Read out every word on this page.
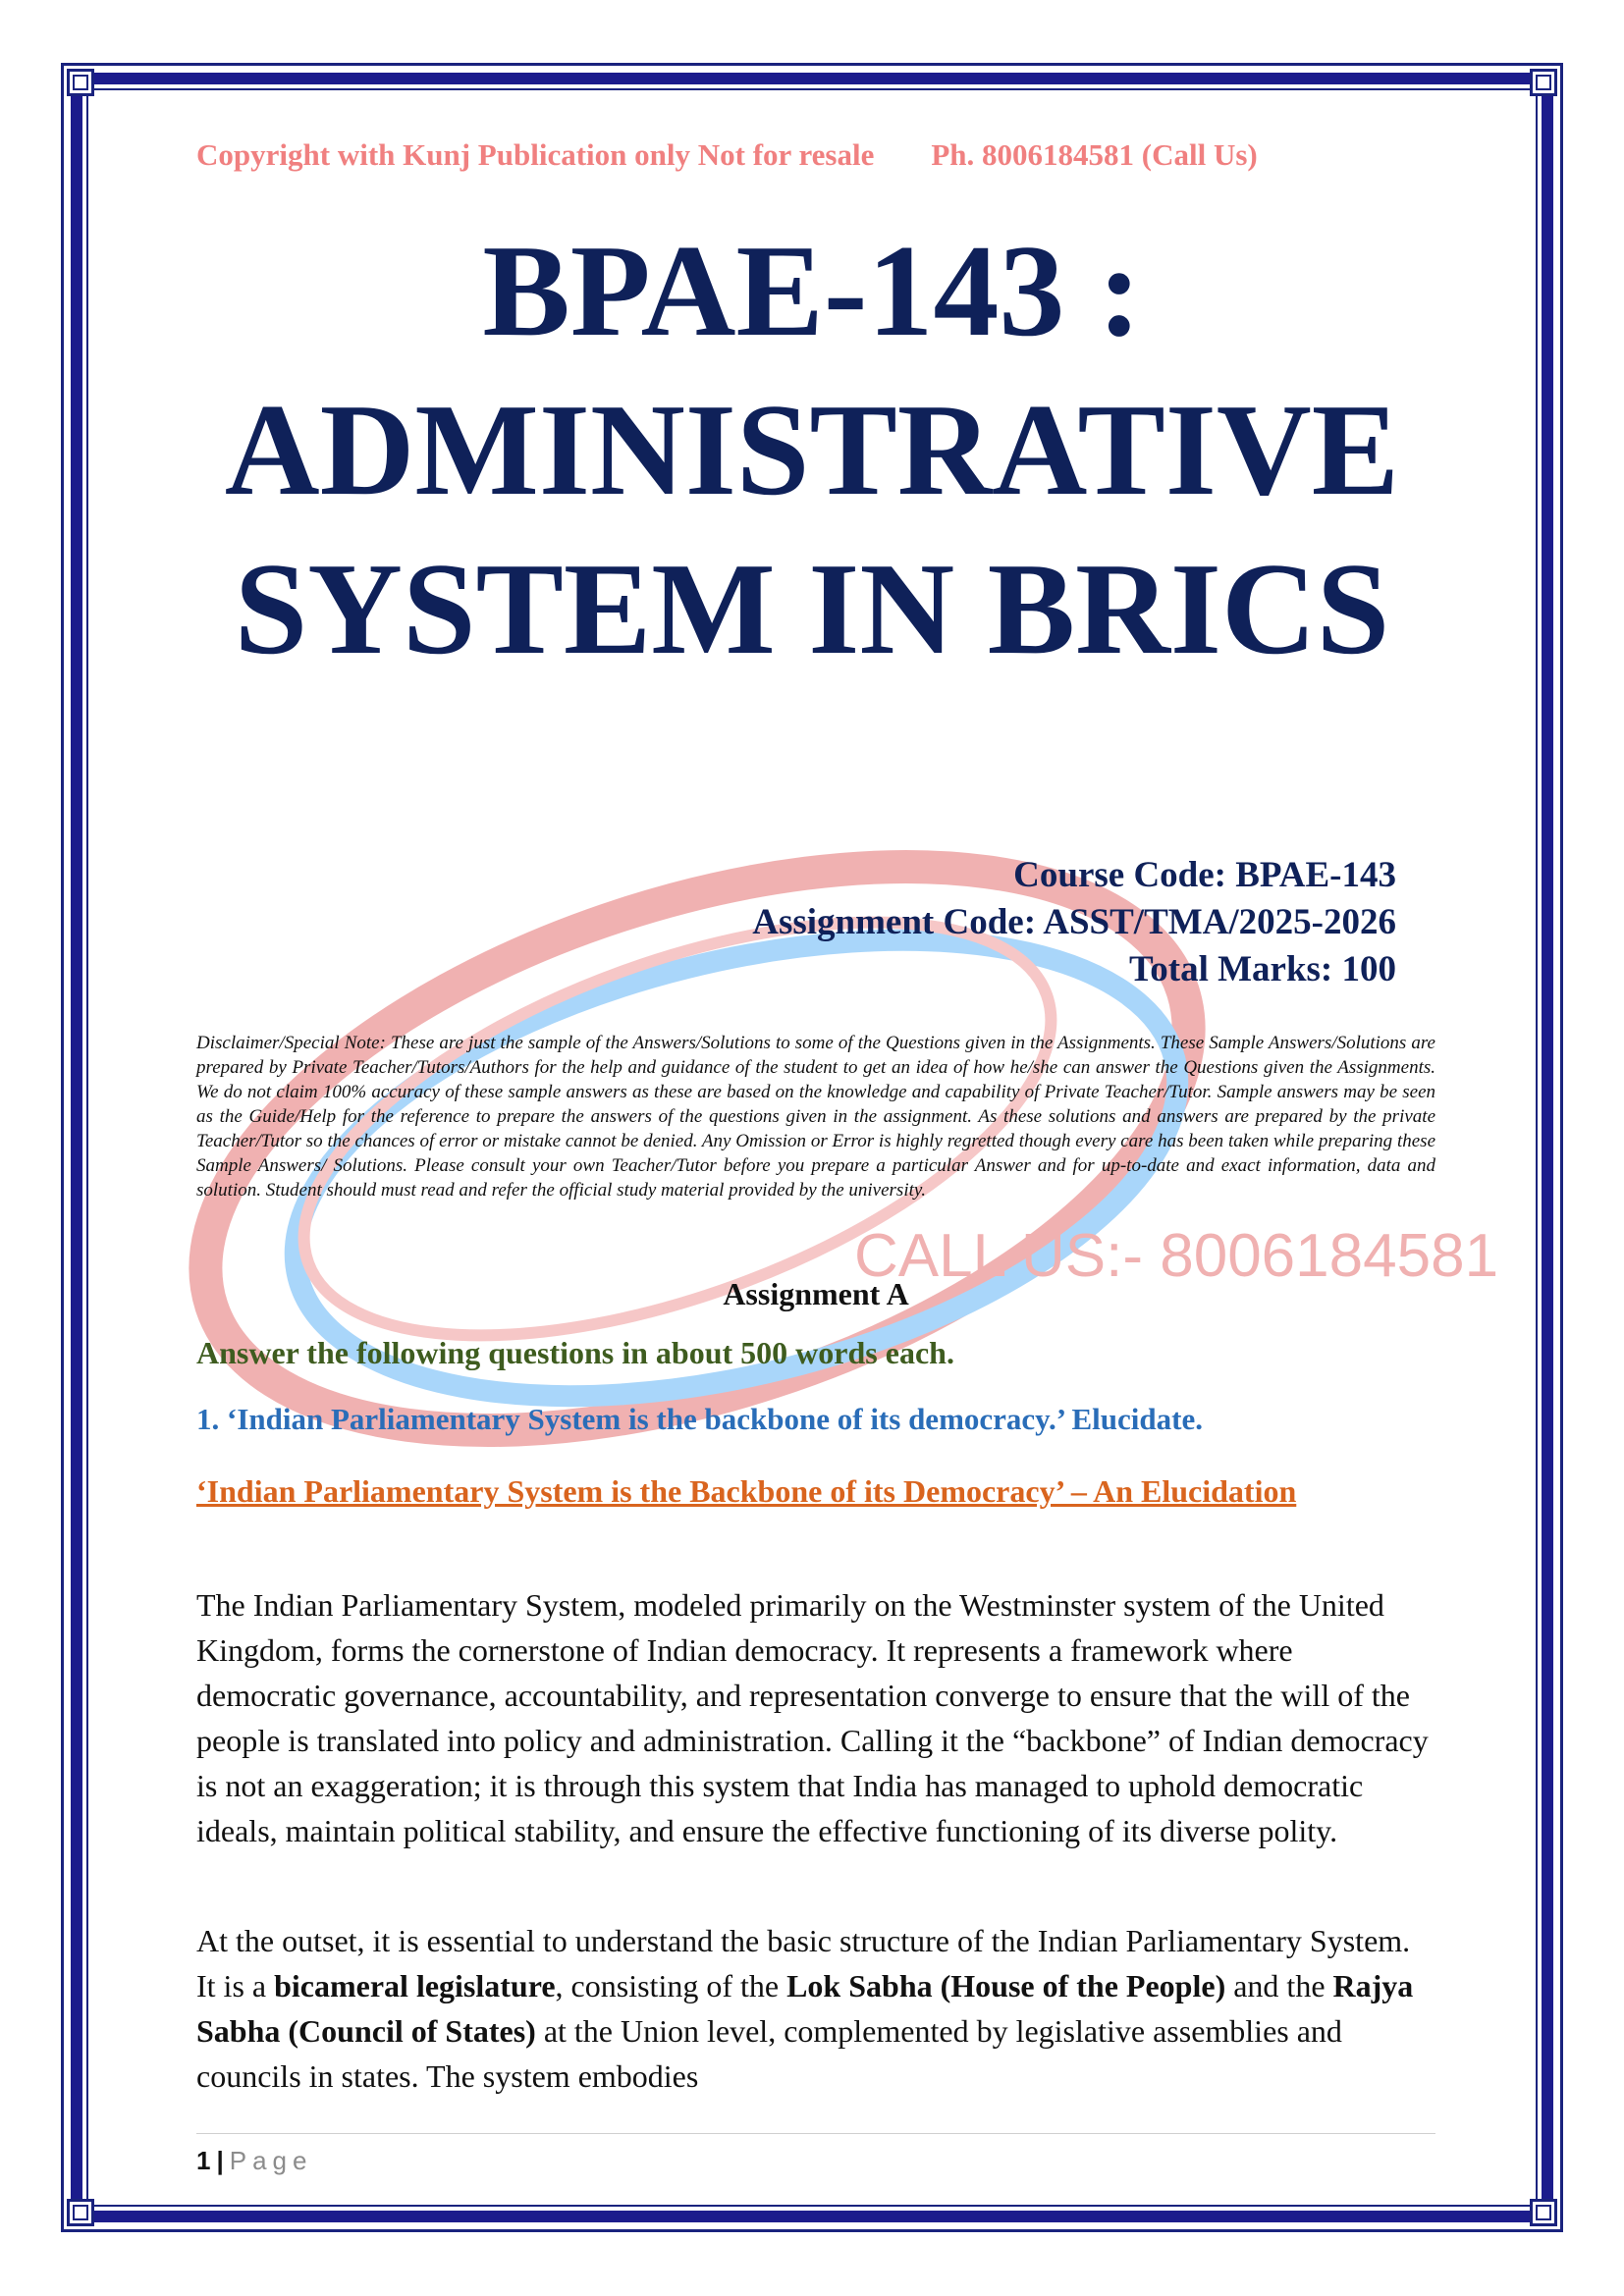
CALL US:- 8006184581
Copyright with Kunj Publication only Not for resale Ph. 8006184581 (Call Us)
BPAE-143 :
ADMINISTRATIVE
SYSTEM IN BRICS
Course Code: BPAE-143
Assignment Code: ASST/TMA/2025-2026
Total Marks: 100
Disclaimer/Special Note: These are just the sample of the Answers/Solutions to some of the Questions given in the Assignments. These Sample Answers/Solutions are prepared by Private Teacher/Tutors/Authors for the help and guidance of the student to get an idea of how he/she can answer the Questions given the Assignments. We do not claim 100% accuracy of these sample answers as these are based on the knowledge and capability of Private Teacher/Tutor. Sample answers may be seen as the Guide/Help for the reference to prepare the answers of the questions given in the assignment. As these solutions and answers are prepared by the private Teacher/Tutor so the chances of error or mistake cannot be denied. Any Omission or Error is highly regretted though every care has been taken while preparing these Sample Answers/ Solutions. Please consult your own Teacher/Tutor before you prepare a particular Answer and for up-to-date and exact information, data and solution. Student should must read and refer the official study material provided by the university.
Assignment A
Answer the following questions in about 500 words each.
1. ‘Indian Parliamentary System is the backbone of its democracy.’ Elucidate.
‘Indian Parliamentary System is the Backbone of its Democracy’ – An Elucidation
The Indian Parliamentary System, modeled primarily on the Westminster system of the United Kingdom, forms the cornerstone of Indian democracy. It represents a framework where democratic governance, accountability, and representation converge to ensure that the will of the people is translated into policy and administration. Calling it the “backbone” of Indian democracy is not an exaggeration; it is through this system that India has managed to uphold democratic ideals, maintain political stability, and ensure the effective functioning of its diverse polity.
At the outset, it is essential to understand the basic structure of the Indian Parliamentary System. It is a bicameral legislature, consisting of the Lok Sabha (House of the People) and the Rajya Sabha (Council of States) at the Union level, complemented by legislative assemblies and councils in states. The system embodies
1 | Page
